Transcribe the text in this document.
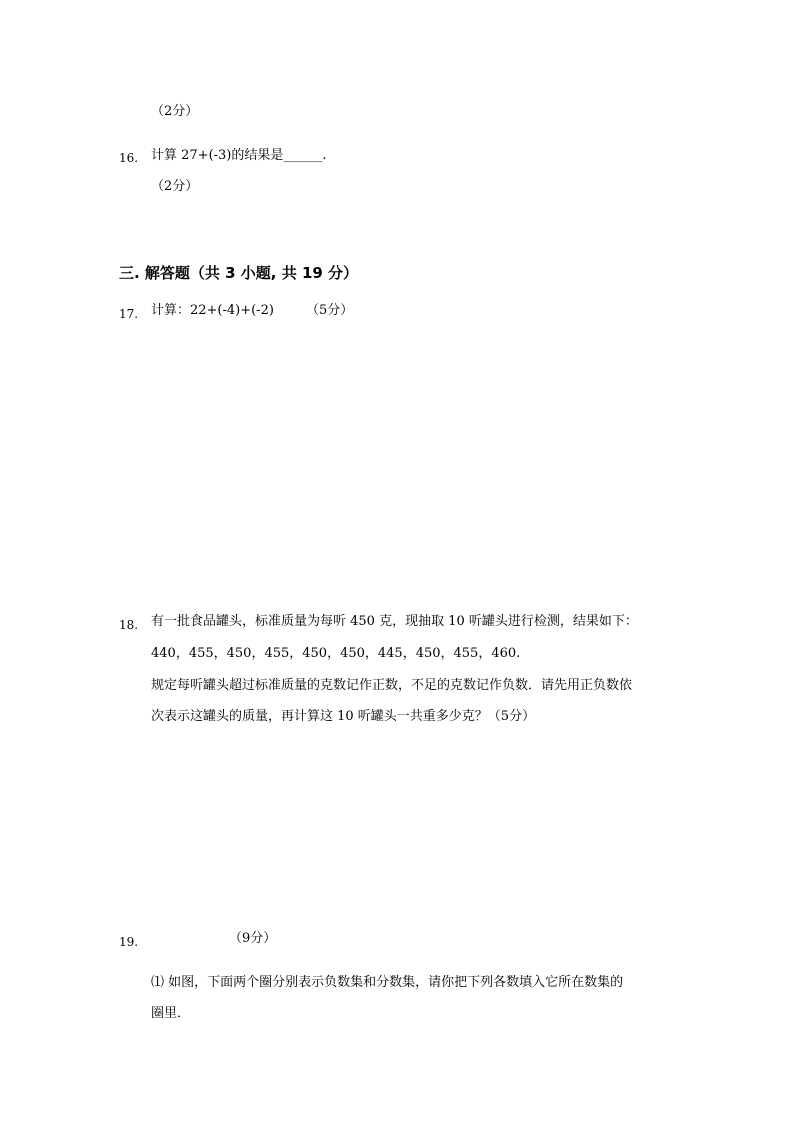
（2分）
16. 计算 27+(-3)的结果是______.
（2分）
三. 解答题（共 3 小题, 共 19 分）
17. 计算：22+(-4)+(-2) （5分）
18. 有一批食品罐头，标准质量为每听 450 克，现抽取 10 听罐头进行检测，结果如下：
440，455，450，455，450，450，445，450，455，460.
规定每听罐头超过标准质量的克数记作正数，不足的克数记作负数．请先用正负数依
次表示这罐头的质量，再计算这 10 听罐头一共重多少克？（5分）
19.	（9分）
⑴ 如图，下面两个圈分别表示负数集和分数集，请你把下列各数填入它所在数集的
圈里．
